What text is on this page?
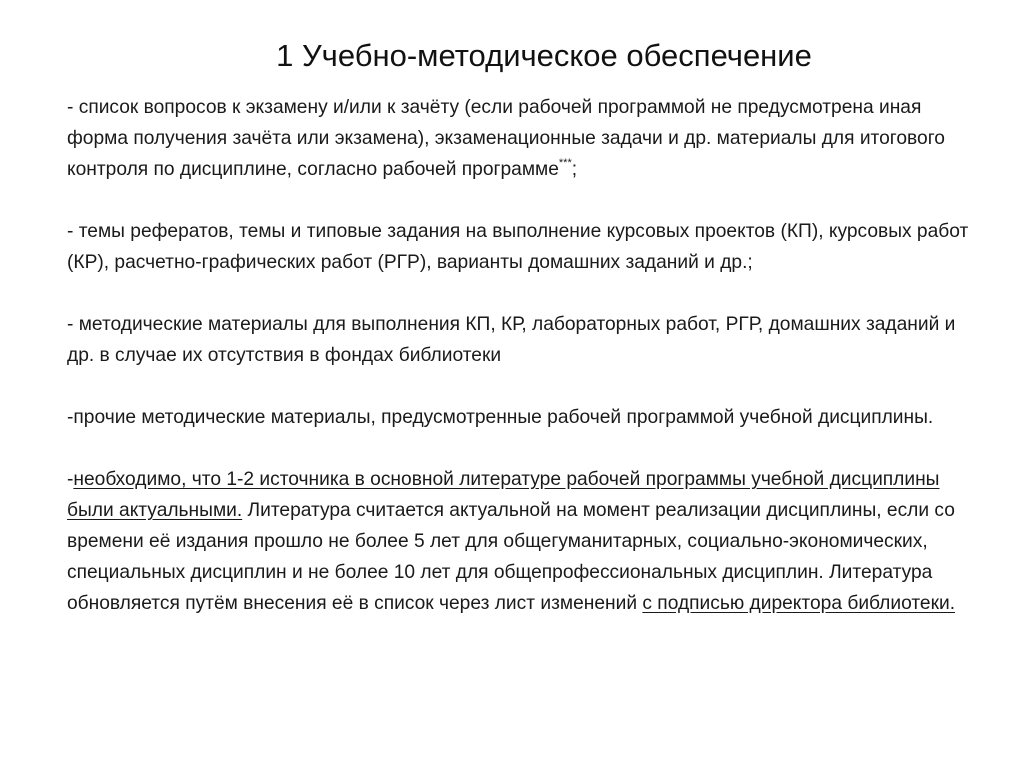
1 Учебно-методическое обеспечение

- список вопросов к экзамену и/или к зачёту (если рабочей программой не предусмотрена иная форма получения зачёта или экзамена), экзаменационные задачи и др. материалы для итогового контроля по дисциплине, согласно рабочей программе***;

- темы рефератов, темы и типовые задания на выполнение курсовых проектов (КП), курсовых работ (КР), расчетно-графических работ (РГР), варианты домашних заданий и др.;

- методические материалы для выполнения КП, КР, лабораторных работ, РГР, домашних заданий и др. в случае их отсутствия в фондах библиотеки

-прочие методические материалы, предусмотренные рабочей программой учебной дисциплины.

-необходимо, что 1-2 источника в основной литературе рабочей программы учебной дисциплины были актуальными. Литература считается актуальной на момент реализации дисциплины, если со времени её издания прошло не более 5 лет для общегуманитарных, социально-экономических, специальных дисциплин и не более 10 лет для общепрофессиональных дисциплин. Литература обновляется путём внесения её в список через лист изменений с подписью директора библиотеки.
